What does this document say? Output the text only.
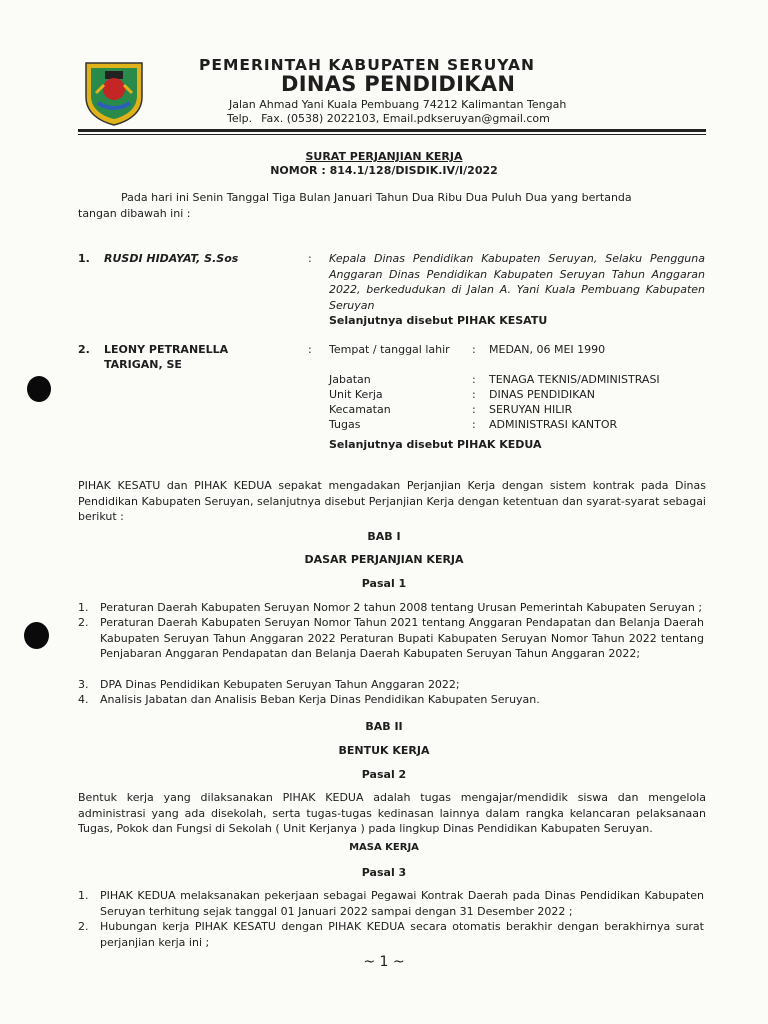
PEMERINTAH KABUPATEN SERUYAN
DINAS PENDIDIKAN
Jalan Ahmad Yani Kuala Pembuang 74212 Kalimantan Tengah
Telp.  Fax. (0538) 2022103, Email.pdkseruyan@gmail.com
SURAT PERJANJIAN KERJA
NOMOR : 814.1/128/DISDIK.IV/I/2022
Pada hari ini Senin Tanggal Tiga Bulan Januari Tahun Dua Ribu Dua Puluh Dua yang bertanda
tangan dibawah ini :
1. RUSDI HIDAYAT, S.Sos	: Kepala Dinas Pendidikan Kabupaten Seruyan, Selaku Pengguna Anggaran Dinas Pendidikan Kabupaten Seruyan Tahun Anggaran 2022, berkedudukan di Jalan A. Yani Kuala Pembuang Kabupaten Seruyan
Selanjutnya disebut PIHAK KESATU
2. LEONY PETRANELLA
TARIGAN, SE
: Tempat / tanggal lahir : MEDAN, 06 MEI 1990
Jabatan	: TENAGA TEKNIS/ADMINISTRASI
Unit Kerja	: DINAS PENDIDIKAN
Kecamatan	: SERUYAN HILIR
Tugas	: ADMINISTRASI KANTOR
Selanjutnya disebut PIHAK KEDUA
PIHAK KESATU dan PIHAK KEDUA sepakat mengadakan Perjanjian Kerja dengan sistem kontrak pada Dinas Pendidikan Kabupaten Seruyan, selanjutnya disebut Perjanjian Kerja dengan ketentuan dan syarat-syarat sebagai berikut :
BAB I
DASAR PERJANJIAN KERJA
Pasal 1
1. Peraturan Daerah Kabupaten Seruyan Nomor 2 tahun 2008 tentang Urusan Pemerintah Kabupaten Seruyan ;
2. Peraturan Daerah Kabupaten Seruyan Nomor Tahun 2021 tentang Anggaran Pendapatan dan Belanja Daerah Kabupaten Seruyan Tahun Anggaran 2022 Peraturan Bupati Kabupaten Seruyan Nomor Tahun 2022 tentang Penjabaran Anggaran Pendapatan dan Belanja Daerah Kabupaten Seruyan Tahun Anggaran 2022;
3. DPA Dinas Pendidikan Kebupaten Seruyan Tahun Anggaran 2022;
4. Analisis Jabatan dan Analisis Beban Kerja Dinas Pendidikan Kabupaten Seruyan.
BAB II
BENTUK KERJA
Pasal 2
Bentuk kerja yang dilaksanakan PIHAK KEDUA adalah tugas mengajar/mendidik siswa dan mengelola administrasi yang ada disekolah, serta tugas-tugas kedinasan lainnya dalam rangka kelancaran pelaksanaan Tugas, Pokok dan Fungsi di Sekolah ( Unit Kerjanya ) pada lingkup Dinas Pendidikan Kabupaten Seruyan.
MASA KERJA
Pasal 3
1. PIHAK KEDUA melaksanakan pekerjaan sebagai Pegawai Kontrak Daerah pada Dinas Pendidikan Kabupaten Seruyan terhitung sejak tanggal 01 Januari 2022 sampai dengan 31 Desember 2022 ;
2. Hubungan kerja PIHAK KESATU dengan PIHAK KEDUA secara otomatis berakhir dengan berakhirnya surat perjanjian kerja ini ;
~ 1 ~
